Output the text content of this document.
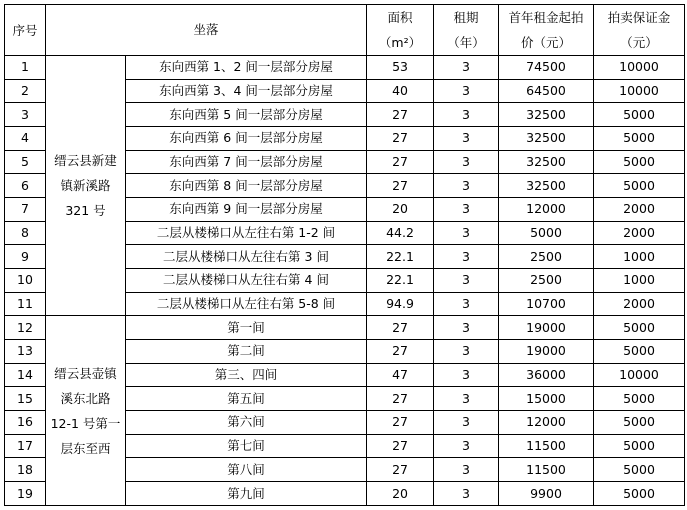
序号	坐落		面积（m²）	租期（年）	首年租金起拍价（元）	拍卖保证金（元）
1	缙云县新建镇新溪路 321 号	东向西第 1、2 间一层部分房屋	53	3	74500	10000
2		东向西第 3、4 间一层部分房屋	40	3	64500	10000
3		东向西第 5 间一层部分房屋	27	3	32500	5000
4		东向西第 6 间一层部分房屋	27	3	32500	5000
5		东向西第 7 间一层部分房屋	27	3	32500	5000
6		东向西第 8 间一层部分房屋	27	3	32500	5000
7		东向西第 9 间一层部分房屋	20	3	12000	2000
8		二层从楼梯口从左往右第 1-2 间	44.2	3	5000	2000
9		二层从楼梯口从左往右第 3 间	22.1	3	2500	1000
10		二层从楼梯口从左往右第 4 间	22.1	3	2500	1000
11		二层从楼梯口从左往右第 5-8 间	94.9	3	10700	2000
12	缙云县壶镇溪东北路 12-1 号第一层东至西	第一间	27	3	19000	5000
13		第二间	27	3	19000	5000
14		第三、四间	47	3	36000	10000
15		第五间	27	3	15000	5000
16		第六间	27	3	12000	5000
17		第七间	27	3	11500	5000
18		第八间	27	3	11500	5000
19		第九间	20	3	9900	5000
